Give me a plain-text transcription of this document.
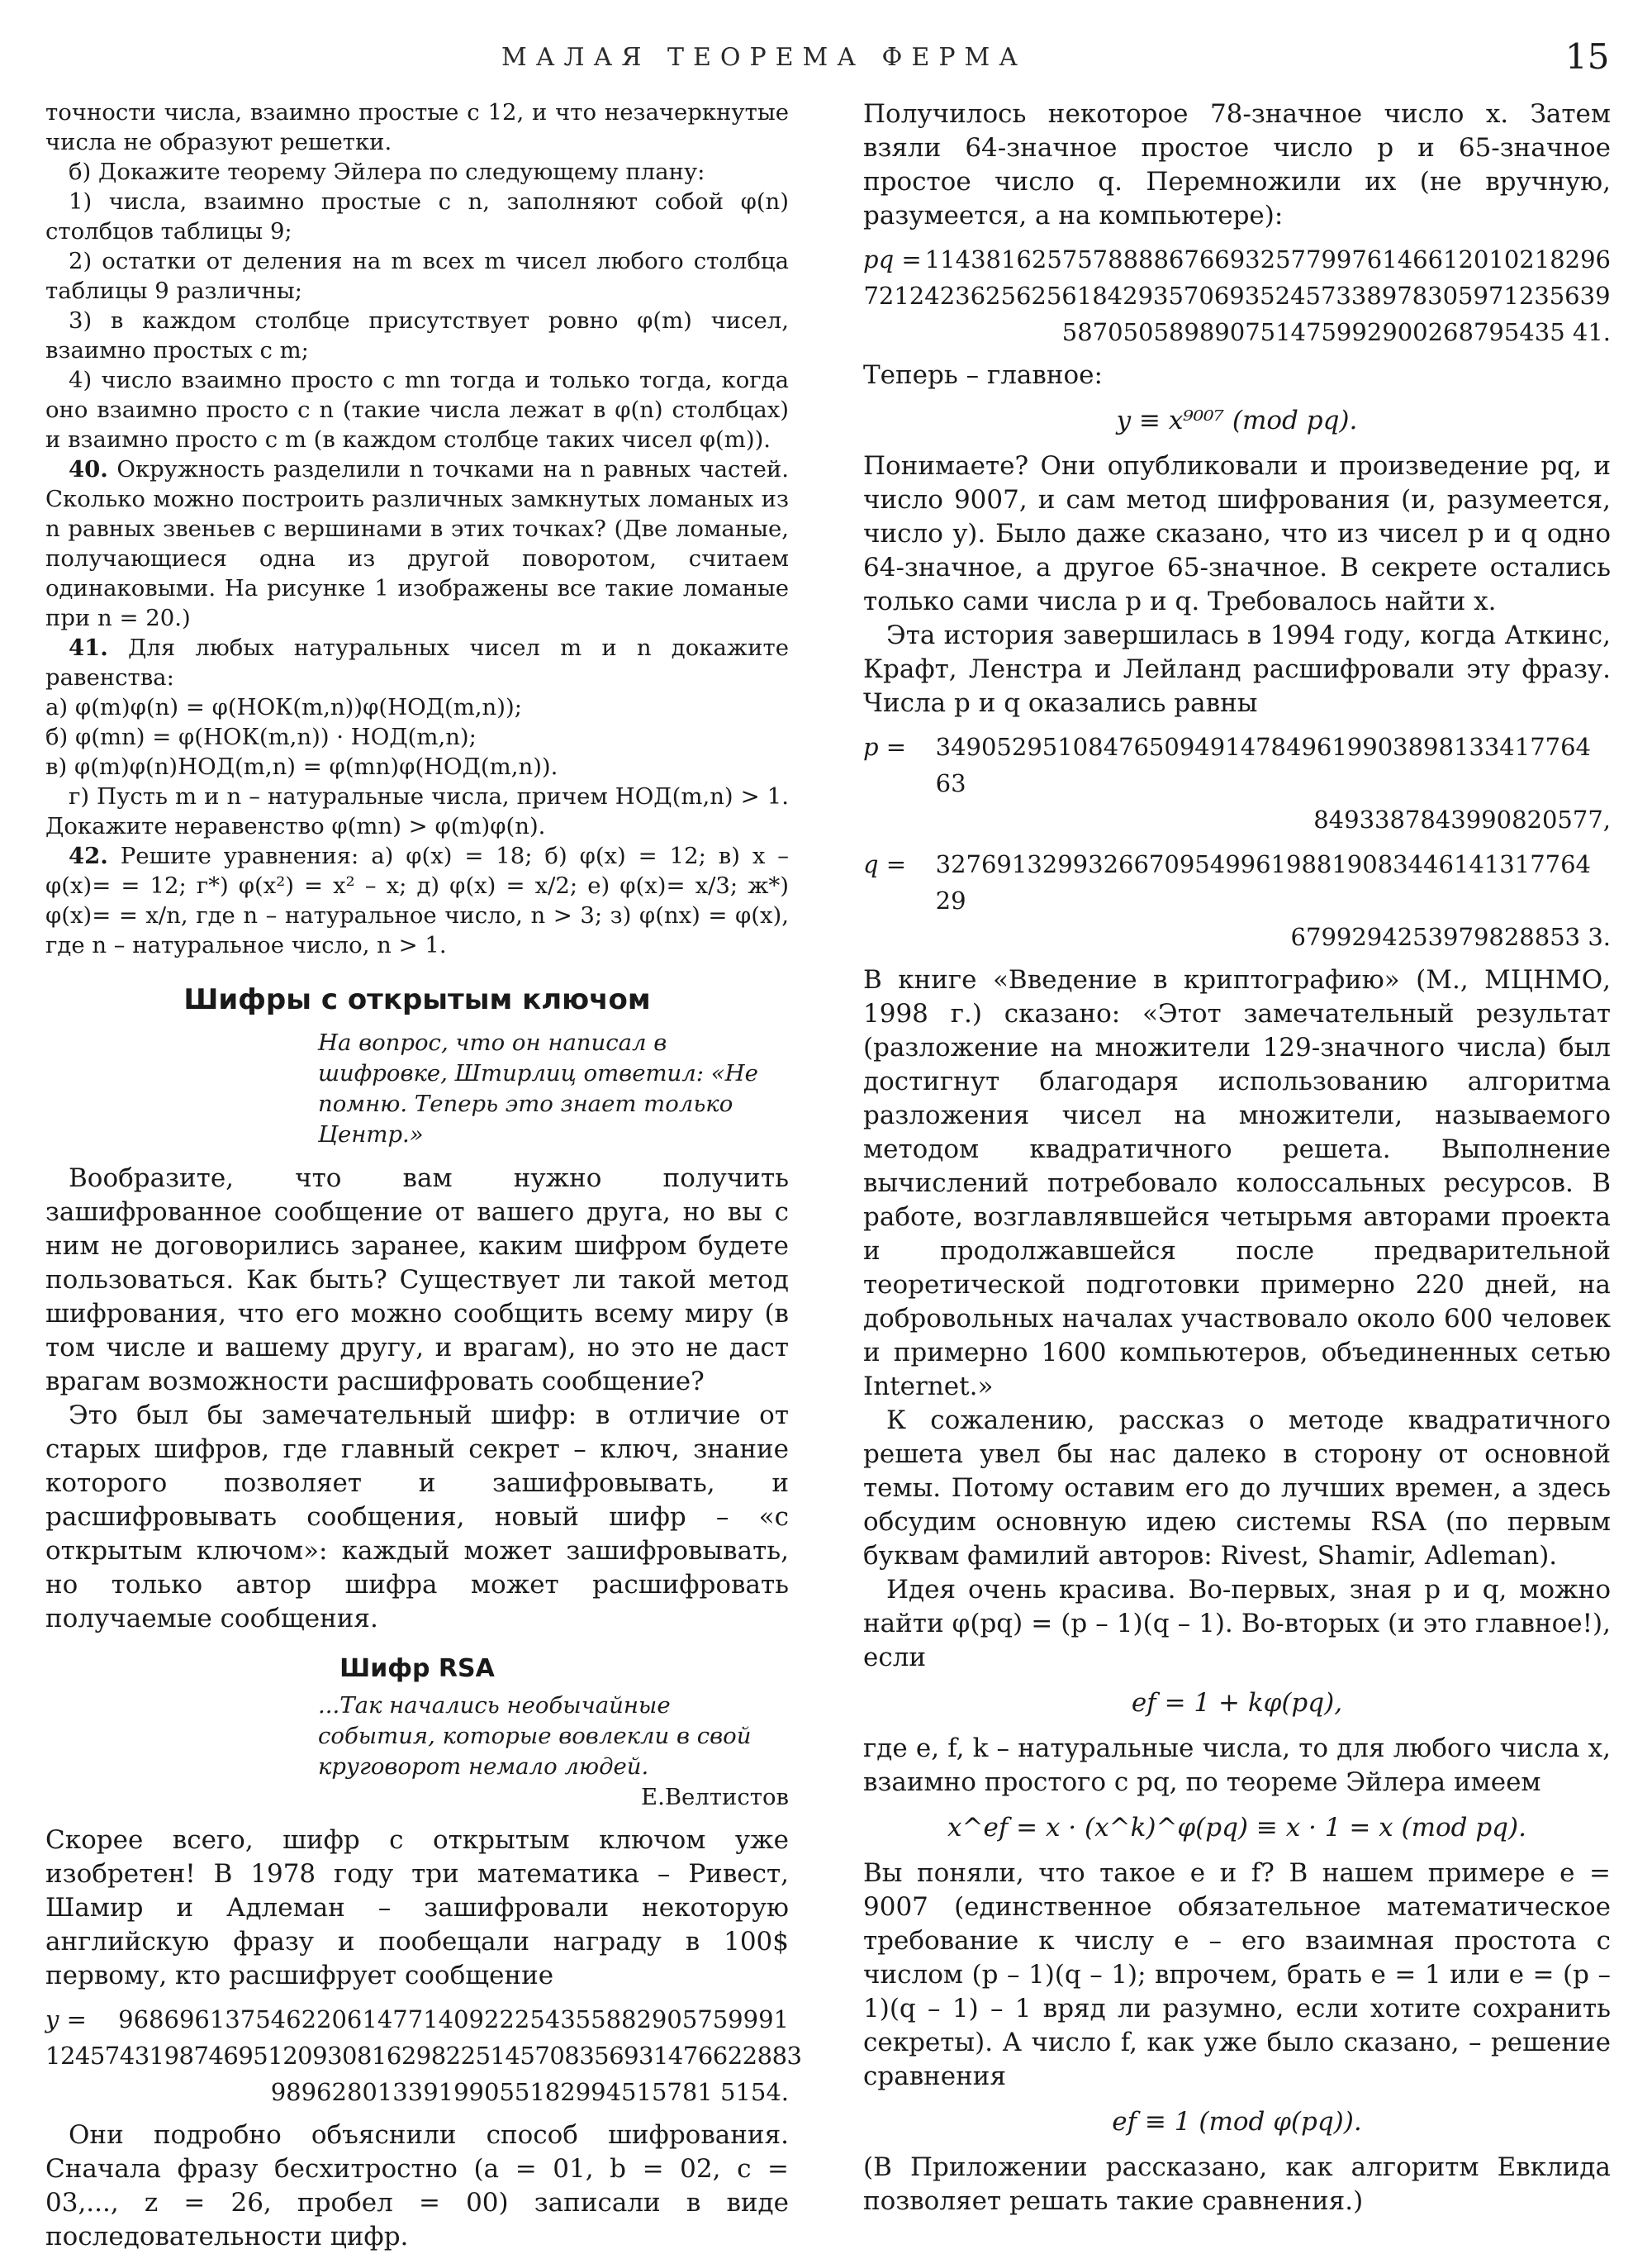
МАЛАЯ ТЕОРЕМА ФЕРМА	15

точности числа, взаимно простые с 12, и что незачеркнутые числа не образуют решетки.

б) Докажите теорему Эйлера по следующему плану:

1) числа, взаимно простые с n, заполняют собой φ(n) столбцов таблицы 9;

2) остатки от деления на m всех m чисел любого столбца таблицы 9 различны;

3) в каждом столбце присутствует ровно φ(m) чисел, взаимно простых с m;

4) число взаимно просто с mn тогда и только тогда, когда оно взаимно просто с n (такие числа лежат в φ(n) столбцах) и взаимно просто с m (в каждом столбце таких чисел φ(m)).

40. Окружность разделили n точками на n равных частей. Сколько можно построить различных замкнутых ломаных из n равных звеньев с вершинами в этих точках? (Две ломаные, получающиеся одна из другой поворотом, считаем одинаковыми. На рисунке 1 изображены все такие ломаные при n = 20.)

41. Для любых натуральных чисел m и n докажите равенства:

а) φ(m)φ(n) = φ(НОК(m,n))φ(НОД(m,n));

б) φ(mn) = φ(НОК(m,n)) · НОД(m,n);

в) φ(m)φ(n)НОД(m,n) = φ(mn)φ(НОД(m,n)).

г) Пусть m и n – натуральные числа, причем НОД(m,n) > 1. Докажите неравенство φ(mn) > φ(m)φ(n).

42. Решите уравнения: а) φ(x) = 18; б) φ(x) = 12; в) x – φ(x)= = 12; г*) φ(x²) = x² – x; д) φ(x) = x/2; е) φ(x)= x/3; ж*) φ(x)= = x/n, где n – натуральное число, n > 3; з) φ(nx) = φ(x), где n – натуральное число, n > 1.

Шифры с открытым ключом
На вопрос, что он написал в шифровке, Штирлиц ответил: «Не помню. Теперь это знает только Центр.»

Вообразите, что вам нужно получить зашифрованное сообщение от вашего друга, но вы с ним не договорились заранее, каким шифром будете пользоваться. Как быть? Существует ли такой метод шифрования, что его можно сообщить всему миру (в том числе и вашему другу, и врагам), но это не даст врагам возможности расшифровать сообщение?

Это был бы замечательный шифр: в отличие от старых шифров, где главный секрет – ключ, знание которого позволяет и зашифровывать, и расшифровывать сообщения, новый шифр – «с открытым ключом»: каждый может зашифровывать, но только автор шифра может расшифровать получаемые сообщения.

Шифр RSA
...Так начались необычайные события, которые вовлекли в свой круговорот немало людей.
Е.Велтистов

Скорее всего, шифр с открытым ключом уже изобретен! В 1978 году три математика – Ривест, Шамир и Адлеман – зашифровали некоторую английскую фразу и пообещали награду в 100$ первому, кто расшифрует сообщение

y =	96869613754622061477140922254355882905759991
124574319874695120930816298225145708356931476622883
98962801339199055182994515781 5154.

Они подробно объяснили способ шифрования. Сначала фразу бесхитростно (a = 01, b = 02, c = 03,..., z = 26, пробел = 00) записали в виде последовательности цифр.

Получилось некоторое 78-значное число x. Затем взяли 64-значное простое число p и 65-значное простое число q. Перемножили их (не вручную, разумеется, а на компьютере):

pq = 114381625757888867669325779976146612010218296
7212423625625618429357069352457338978305971235639
587050589890751475992900268795435 41.

Теперь – главное:

y ≡ x⁹⁰⁰⁷ (mod pq).

Понимаете? Они опубликовали и произведение pq, и число 9007, и сам метод шифрования (и, разумеется, число y). Было даже сказано, что из чисел p и q одно 64-значное, а другое 65-значное. В секрете остались только сами числа p и q. Требовалось найти x.

Эта история завершилась в 1994 году, когда Аткинс, Крафт, Ленстра и Лейланд расшифровали эту фразу. Числа p и q оказались равны

p =	3490529510847650949147849619903898133417764 63
8493387843990820577,
q =	3276913299326670954996198819083446141317764 29
6799294253979828853 3.

В книге «Введение в криптографию» (М., МЦНМО, 1998 г.) сказано: «Этот замечательный результат (разложение на множители 129-значного числа) был достигнут благодаря использованию алгоритма разложения чисел на множители, называемого методом квадратичного решета. Выполнение вычислений потребовало колоссальных ресурсов. В работе, возглавлявшейся четырьмя авторами проекта и продолжавшейся после предварительной теоретической подготовки примерно 220 дней, на добровольных началах участвовало около 600 человек и примерно 1600 компьютеров, объединенных сетью Internet.»

К сожалению, рассказ о методе квадратичного решета увел бы нас далеко в сторону от основной темы. Потому оставим его до лучших времен, а здесь обсудим основную идею системы RSA (по первым буквам фамилий авторов: Rivest, Shamir, Adleman).

Идея очень красива. Во-первых, зная p и q, можно найти φ(pq) = (p – 1)(q – 1). Во-вторых (и это главное!), если

ef = 1 + kφ(pq),

где e, f, k – натуральные числа, то для любого числа x, взаимно простого с pq, по теореме Эйлера имеем

x^ef = x · (x^k)^φ(pq) ≡ x · 1 = x (mod pq).

Вы поняли, что такое e и f? В нашем примере e = 9007 (единственное обязательное математическое требование к числу e – его взаимная простота с числом (p – 1)(q – 1); впрочем, брать e = 1 или e = (p – 1)(q – 1) – 1 вряд ли разумно, если хотите сохранить секреты). А число f, как уже было сказано, – решение сравнения

ef ≡ 1 (mod φ(pq)).

(В Приложении рассказано, как алгоритм Евклида позволяет решать такие сравнения.)
